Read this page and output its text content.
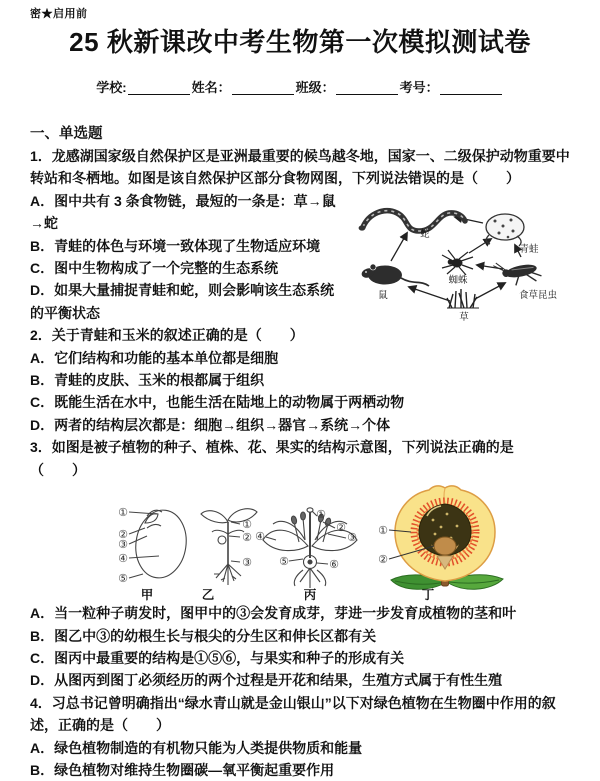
密★启用前
25 秋新课改中考生物第一次模拟测试卷
学校:	姓名：	班级：	考号：
一、单选题

1．龙感湖国家级自然保护区是亚洲最重要的候鸟越冬地，国家一、二级保护动物重要中转站和冬栖地。如图是该自然保护区部分食物网图，下列说法错误的是（　　）

蛇
青蛙
蜘蛛
鼠	食草昆虫
草

A．图中共有 3 条食物链，最短的一条是：草→鼠→蛇

B．青蛙的体色与环境一致体现了生物适应环境

C．图中生物构成了一个完整的生态系统

D．如果大量捕捉青蛙和蛇，则会影响该生态系统的平衡状态

2．关于青蛙和玉米的叙述正确的是（　　）

A．它们结构和功能的基本单位都是细胞

B．青蛙的皮肤、玉米的根都属于组织

C．既能生活在水中，也能生活在陆地上的动物属于两栖动物

D．两者的结构层次都是：细胞→组织→器官→系统→个体

3．如图是被子植物的种子、植株、花、果实的结构示意图，下列说法正确的是

（　　）

①
②
③
④
⑤
甲
①
②
③
乙
①
②
③
④
⑤	⑥
丙
①
②
丁

A．当一粒种子萌发时，图甲中的③会发育成芽，芽进一步发育成植物的茎和叶

B．图乙中③的幼根生长与根尖的分生区和伸长区都有关

C．图丙中最重要的结构是①⑤⑥，与果实和种子的形成有关

D．从图丙到图丁必须经历的两个过程是开花和结果，生殖方式属于有性生殖

4．习总书记曾明确指出“绿水青山就是金山银山”以下对绿色植物在生物圈中作用的叙述，正确的是（　　）

A．绿色植物制造的有机物只能为人类提供物质和能量

B．绿色植物对维持生物圈碳—氧平衡起重要作用
